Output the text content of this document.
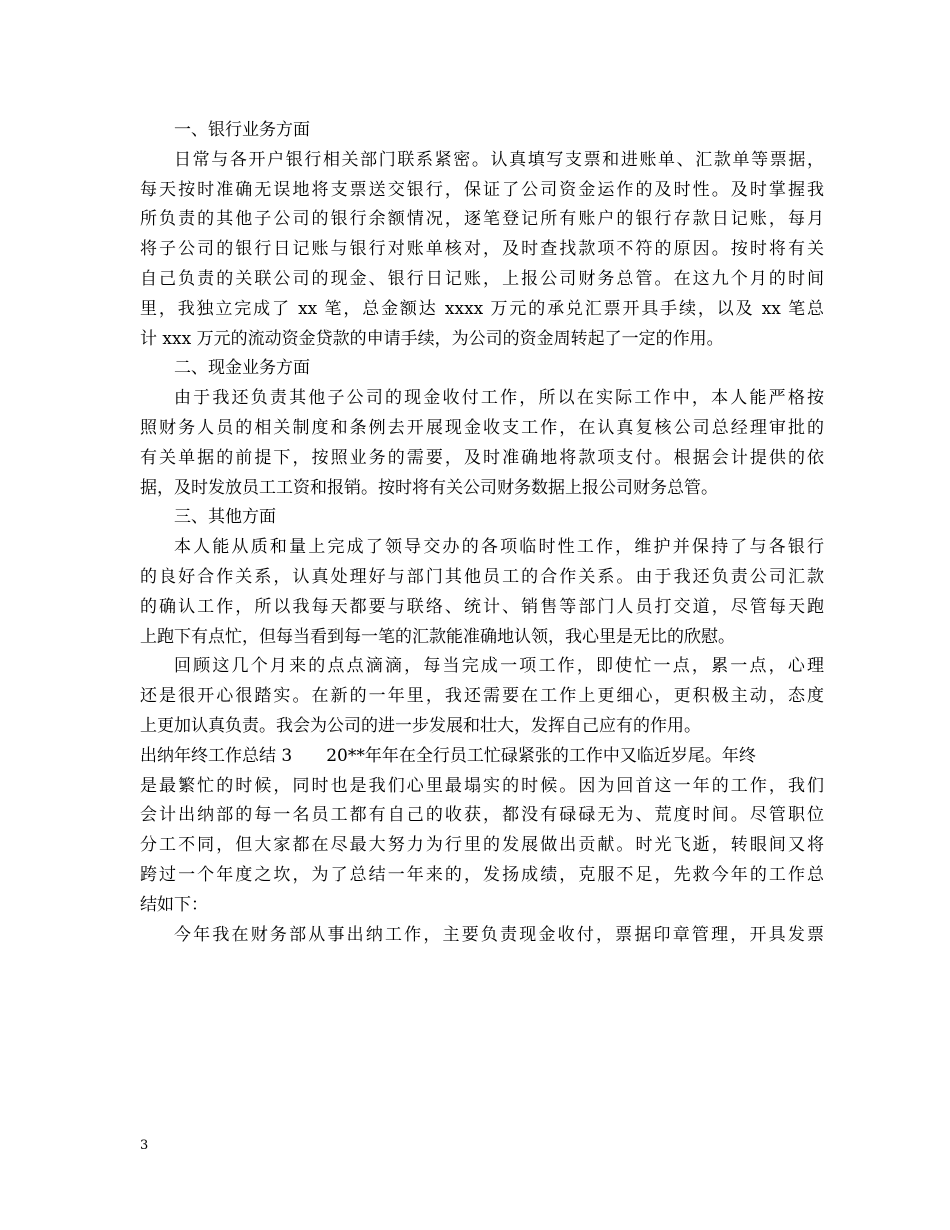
一、银行业务方面
日常与各开户银行相关部门联系紧密。认真填写支票和进账单、汇款单等票据，
每天按时准确无误地将支票送交银行，保证了公司资金运作的及时性。及时掌握我
所负责的其他子公司的银行余额情况，逐笔登记所有账户的银行存款日记账，每月
将子公司的银行日记账与银行对账单核对，及时查找款项不符的原因。按时将有关
自己负责的关联公司的现金、银行日记账，上报公司财务总管。在这九个月的时间
里，我独立完成了 xx 笔，总金额达 xxxx 万元的承兑汇票开具手续，以及 xx 笔总
计 xxx 万元的流动资金贷款的申请手续，为公司的资金周转起了一定的作用。
二、现金业务方面
由于我还负责其他子公司的现金收付工作，所以在实际工作中，本人能严格按
照财务人员的相关制度和条例去开展现金收支工作，在认真复核公司总经理审批的
有关单据的前提下，按照业务的需要，及时准确地将款项支付。根据会计提供的依
据，及时发放员工工资和报销。按时将有关公司财务数据上报公司财务总管。
三、其他方面
本人能从质和量上完成了领导交办的各项临时性工作，维护并保持了与各银行
的良好合作关系，认真处理好与部门其他员工的合作关系。由于我还负责公司汇款
的确认工作，所以我每天都要与联络、统计、销售等部门人员打交道，尽管每天跑
上跑下有点忙，但每当看到每一笔的汇款能准确地认领，我心里是无比的欣慰。
回顾这几个月来的点点滴滴，每当完成一项工作，即使忙一点，累一点，心理
还是很开心很踏实。在新的一年里，我还需要在工作上更细心，更积极主动，态度
上更加认真负责。我会为公司的进一步发展和壮大，发挥自己应有的作用。
出纳年终工作总结 3 20**年年在全行员工忙碌紧张的工作中又临近岁尾。年终
是最繁忙的时候，同时也是我们心里最塌实的时候。因为回首这一年的工作，我们
会计出纳部的每一名员工都有自己的收获，都没有碌碌无为、荒度时间。尽管职位
分工不同，但大家都在尽最大努力为行里的发展做出贡献。时光飞逝，转眼间又将
跨过一个年度之坎，为了总结一年来的，发扬成绩，克服不足，先救今年的工作总
结如下：
今年我在财务部从事出纳工作，主要负责现金收付，票据印章管理，开具发票
3
